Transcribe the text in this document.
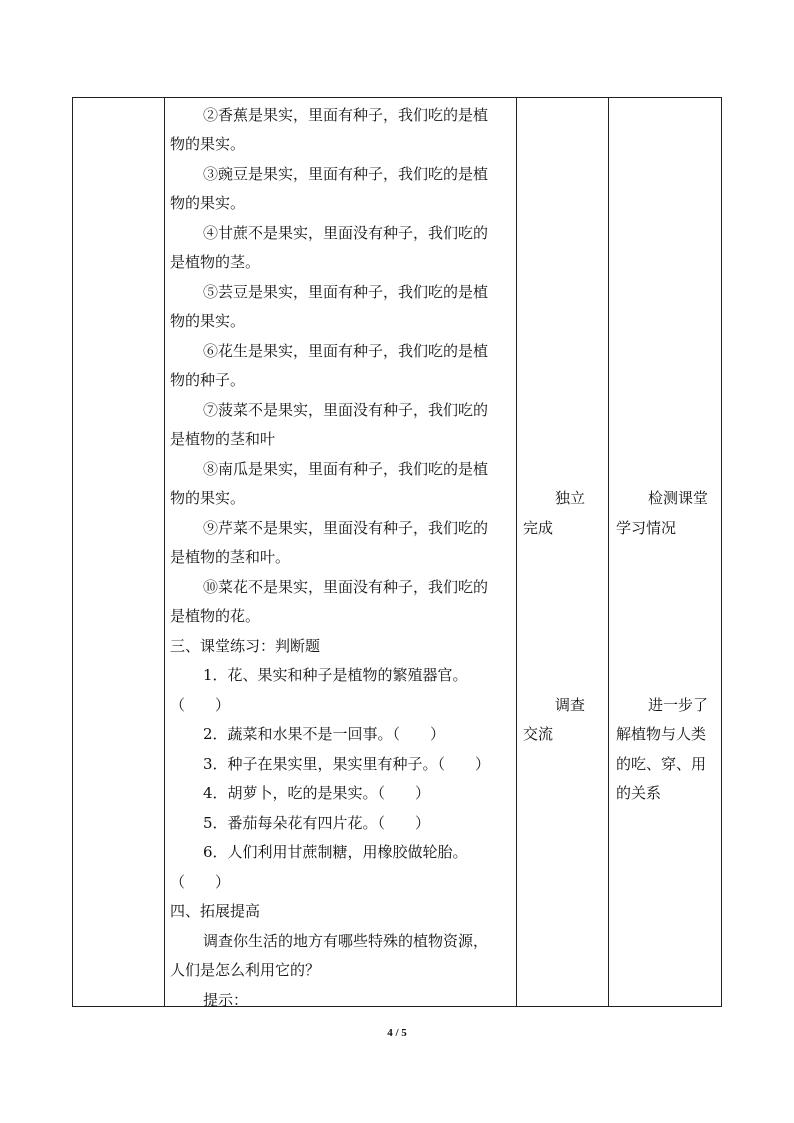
②香蕉是果实，里面有种子，我们吃的是植
物的果实。
③豌豆是果实，里面有种子，我们吃的是植
物的果实。
④甘蔗不是果实，里面没有种子，我们吃的
是植物的茎。
⑤芸豆是果实，里面有种子，我们吃的是植
物的果实。
⑥花生是果实，里面有种子，我们吃的是植
物的种子。
⑦菠菜不是果实，里面没有种子，我们吃的
是植物的茎和叶
⑧南瓜是果实，里面有种子，我们吃的是植
物的果实。
⑨芹菜不是果实，里面没有种子，我们吃的
是植物的茎和叶。
⑩菜花不是果实，里面没有种子，我们吃的
是植物的花。
三、课堂练习：判断题
1．花、果实和种子是植物的繁殖器官。
（　　）
2．蔬菜和水果不是一回事。（　　）
3．种子在果实里，果实里有种子。（　　）
4．胡萝卜，吃的是果实。（　　）
5．番茄每朵花有四片花。（　　）
6．人们利用甘蔗制糖，用橡胶做轮胎。
（　　）
四、拓展提高
调查你生活的地方有哪些特殊的植物资源，
人们是怎么利用它的？
提示：
独立
完成
调查
交流
检测课堂
学习情况
进一步了
解植物与人类
的吃、穿、用
的关系
4 / 5
